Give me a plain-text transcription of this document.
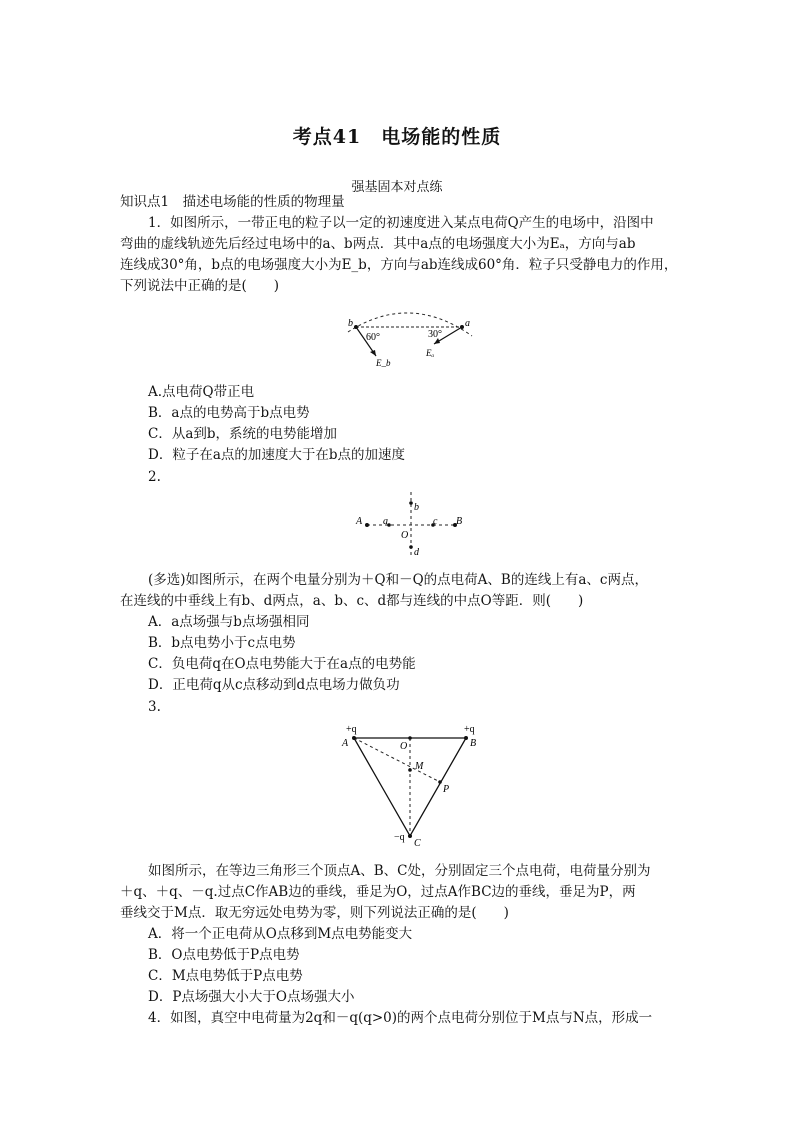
考点41　电场能的性质
强基固本对点练
知识点1　描述电场能的性质的物理量
1．如图所示，一带正电的粒子以一定的初速度进入某点电荷Q产生的电场中，沿图中
弯曲的虚线轨迹先后经过电场中的a、b两点．其中a点的电场强度大小为Eₐ，方向与ab
连线成30°角，b点的电场强度大小为E_b，方向与ab连线成60°角．粒子只受静电力的作用，
下列说法中正确的是(　　)
b	a
60°	30°
E_b
Eₐ
A.点电荷Q带正电
B．a点的电势高于b点电势
C．从a到b，系统的电势能增加
D．粒子在a点的加速度大于在b点的加速度
2.
A a	c B
b
O
d
(多选)如图所示，在两个电量分别为＋Q和－Q的点电荷A、B的连线上有a、c两点，
在连线的中垂线上有b、d两点，a、b、c、d都与连线的中点O等距．则(　　)
A．a点场强与b点场强相同
B．b点电势小于c点电势
C．负电荷q在O点电势能大于在a点的电势能
D．正电荷q从c点移动到d点电场力做负功
3.
+q	+q
A	B
O
M
P
−q
C
如图所示，在等边三角形三个顶点A、B、C处，分别固定三个点电荷，电荷量分别为
＋q、＋q、－q.过点C作AB边的垂线，垂足为O，过点A作BC边的垂线，垂足为P，两
垂线交于M点．取无穷远处电势为零，则下列说法正确的是(　　)
A．将一个正电荷从O点移到M点电势能变大
B．O点电势低于P点电势
C．M点电势低于P点电势
D．P点场强大小大于O点场强大小
4．如图，真空中电荷量为2q和－q(q>0)的两个点电荷分别位于M点与N点，形成一
